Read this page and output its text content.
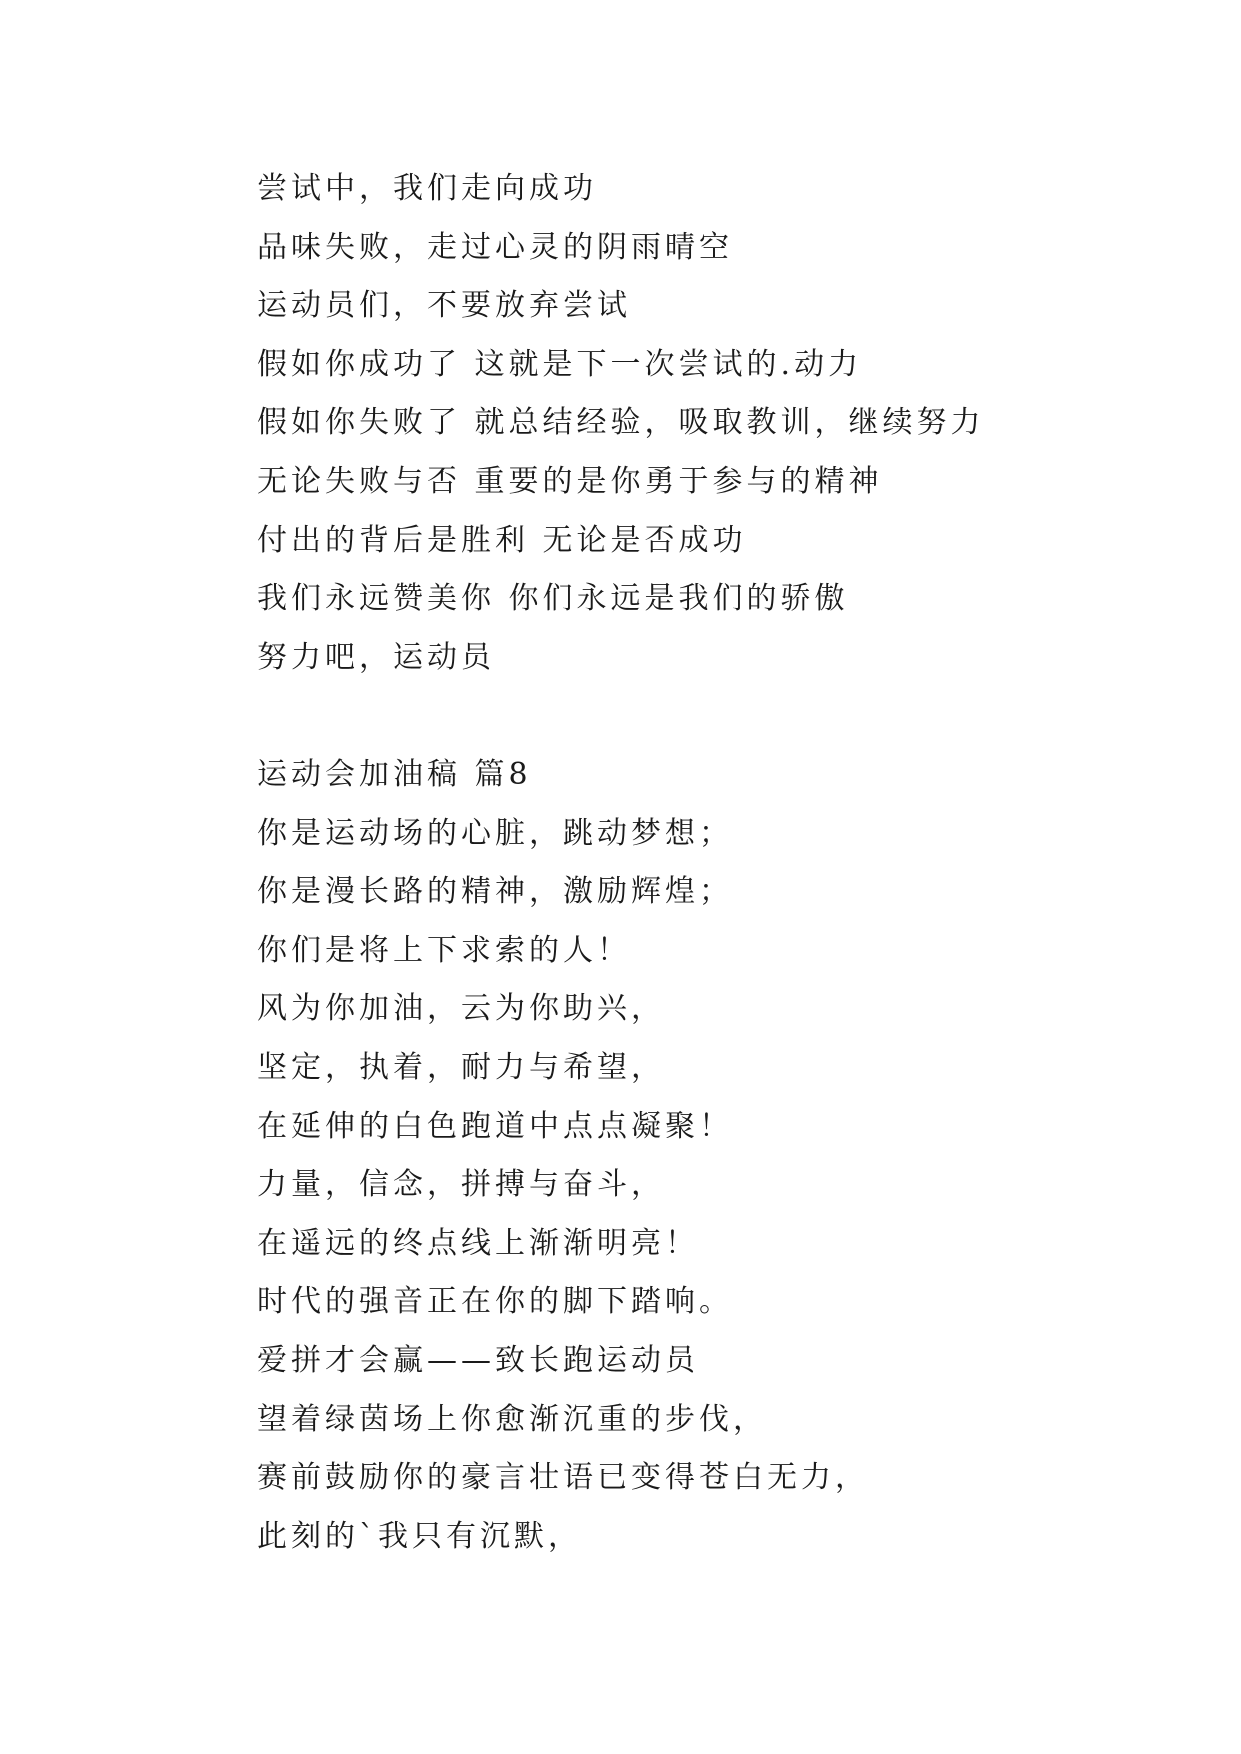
尝试中，我们走向成功
品味失败，走过心灵的阴雨晴空
运动员们，不要放弃尝试
假如你成功了 这就是下一次尝试的.动力
假如你失败了 就总结经验，吸取教训，继续努力
无论失败与否 重要的是你勇于参与的精神
付出的背后是胜利 无论是否成功
我们永远赞美你 你们永远是我们的骄傲
努力吧，运动员
运动会加油稿 篇8
你是运动场的心脏，跳动梦想；
你是漫长路的精神，激励辉煌；
你们是将上下求索的人！
风为你加油，云为你助兴，
坚定，执着，耐力与希望，
在延伸的白色跑道中点点凝聚！
力量，信念，拼搏与奋斗，
在遥远的终点线上渐渐明亮！
时代的强音正在你的脚下踏响。
爱拼才会赢——致长跑运动员
望着绿茵场上你愈渐沉重的步伐，
赛前鼓励你的豪言壮语已变得苍白无力，
此刻的`我只有沉默，
